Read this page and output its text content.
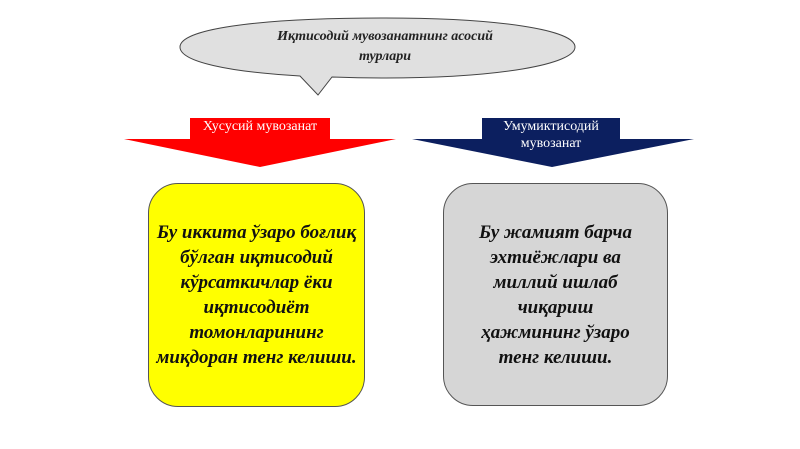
Иқтисодий мувозанатнинг асосий турлари
Хусусий мувозанат	Умумиктисодий мувозанат
Бу иккита ўзаро боғлиқ бўлган иқтисодий кўрсаткичлар ёки иқтисодиёт томонларининг миқдоран тенг келиши.
Бу жамият барча эхтиёжлари ва миллий ишлаб чиқариш ҳажмининг ўзаро тенг келиши.
